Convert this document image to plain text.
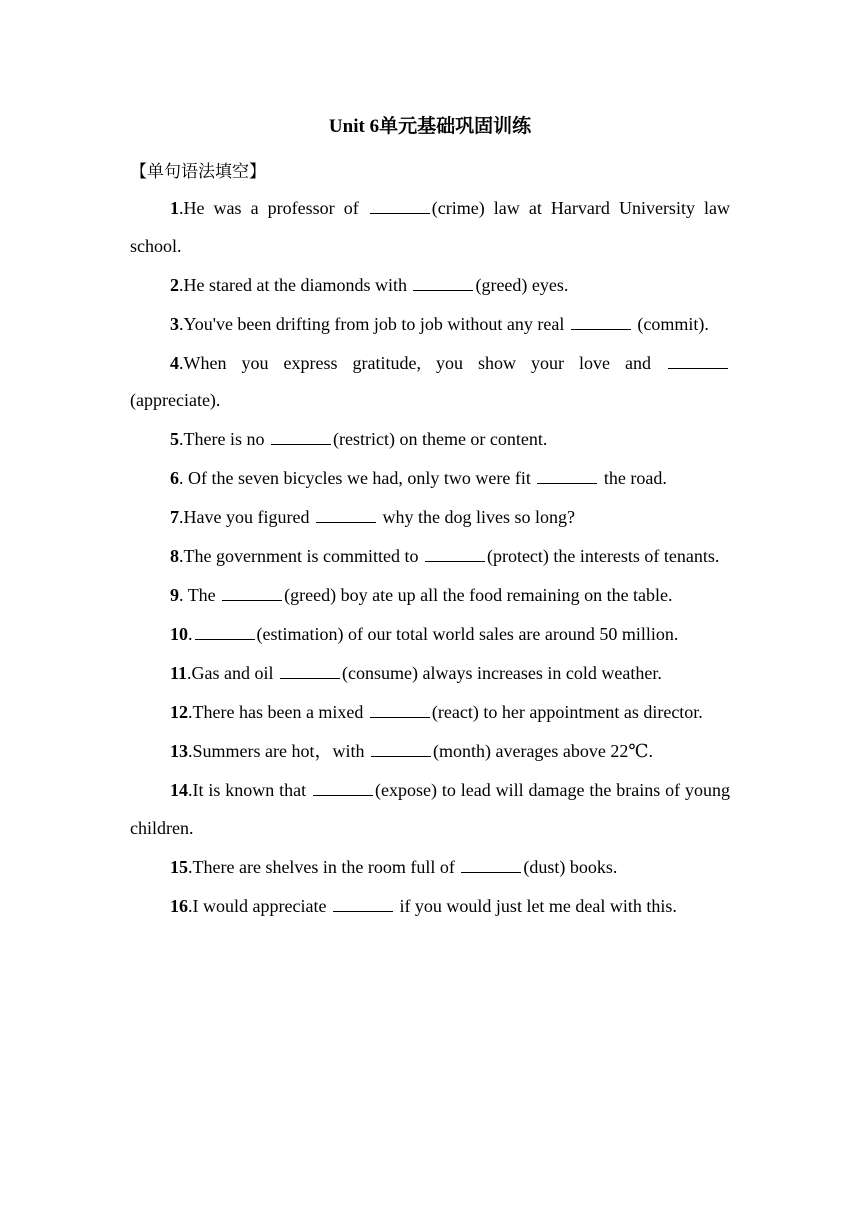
Unit 6单元基础巩固训练
【单句语法填空】

1.He was a professor of	(crime) law at Harvard University law school.

2.He stared at the diamonds with	(greed) eyes.

3.You've been drifting from job to job without any real	(commit).

4.When you express gratitude, you show your love and  (appreciate).

5.There is no	(restrict) on theme or content.

6. Of the seven bicycles we had, only two were fit	the road.

7.Have you figured	why the dog lives so long?

8.The government is committed to	(protect) the interests of tenants.

9. The	(greed) boy ate up all the food remaining on the table.

10.	(estimation) of our total world sales are around 50 million.

11.Gas and oil	(consume) always increases in cold weather.

12.There has been a mixed	(react) to her appointment as director.

13.Summers are hot，with	(month) averages above 22℃.

14.It is known that	(expose) to lead will damage the brains of young children.

15.There are shelves in the room full of	(dust) books.

16.I would appreciate	if you would just let me deal with this.
